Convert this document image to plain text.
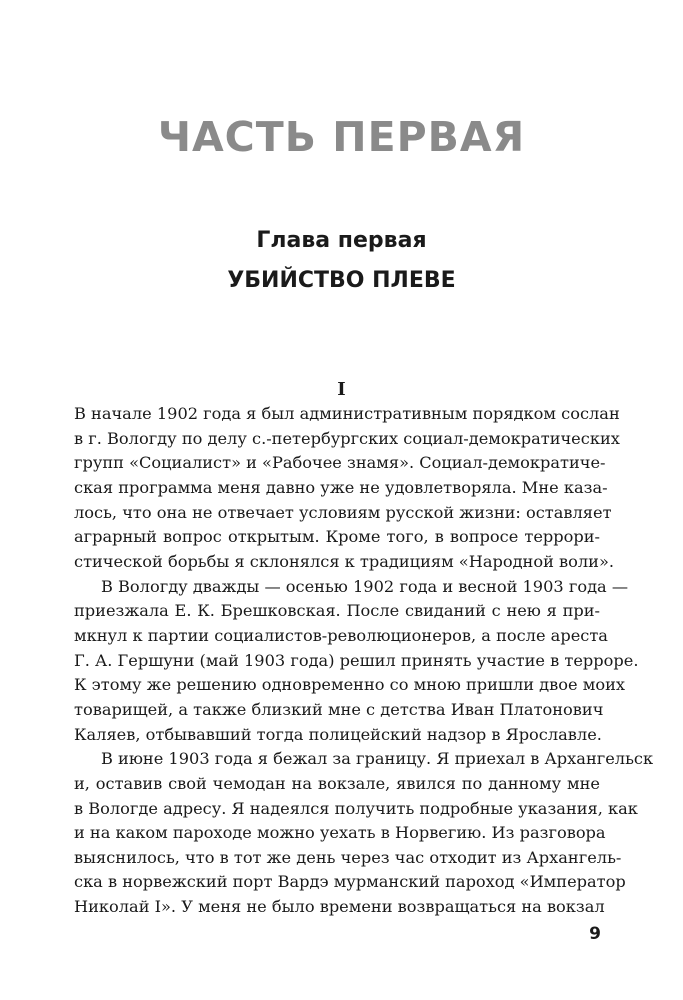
ЧАСТЬ ПЕРВАЯ
Глава первая
УБИЙСТВО ПЛЕВЕ
I
В начале 1902 года я был административным порядком сослан
в г. Вологду по делу с.-петербургских социал-демократических
групп «Социалист» и «Рабочее знамя». Социал-демократиче-
ская программа меня давно уже не удовлетворяла. Мне каза-
лось, что она не отвечает условиям русской жизни: оставляет
аграрный вопрос открытым. Кроме того, в вопросе террори-
стической борьбы я склонялся к традициям «Народной воли».
В Вологду дважды — осенью 1902 года и весной 1903 года —
приезжала Е. К. Брешковская. После свиданий с нею я при-
мкнул к партии социалистов-революционеров, а после ареста
Г. А. Гершуни (май 1903 года) решил принять участие в терроре.
К этому же решению одновременно со мною пришли двое моих
товарищей, а также близкий мне с детства Иван Платонович
Каляев, отбывавший тогда полицейский надзор в Ярославле.
В июне 1903 года я бежал за границу. Я приехал в Архангельск
и, оставив свой чемодан на вокзале, явился по данному мне
в Вологде адресу. Я надеялся получить подробные указания, как
и на каком пароходе можно уехать в Норвегию. Из разговора
выяснилось, что в тот же день через час отходит из Архангель-
ска в норвежский порт Вардэ мурманский пароход «Император
Николай I». У меня не было времени возвращаться на вокзал
9
